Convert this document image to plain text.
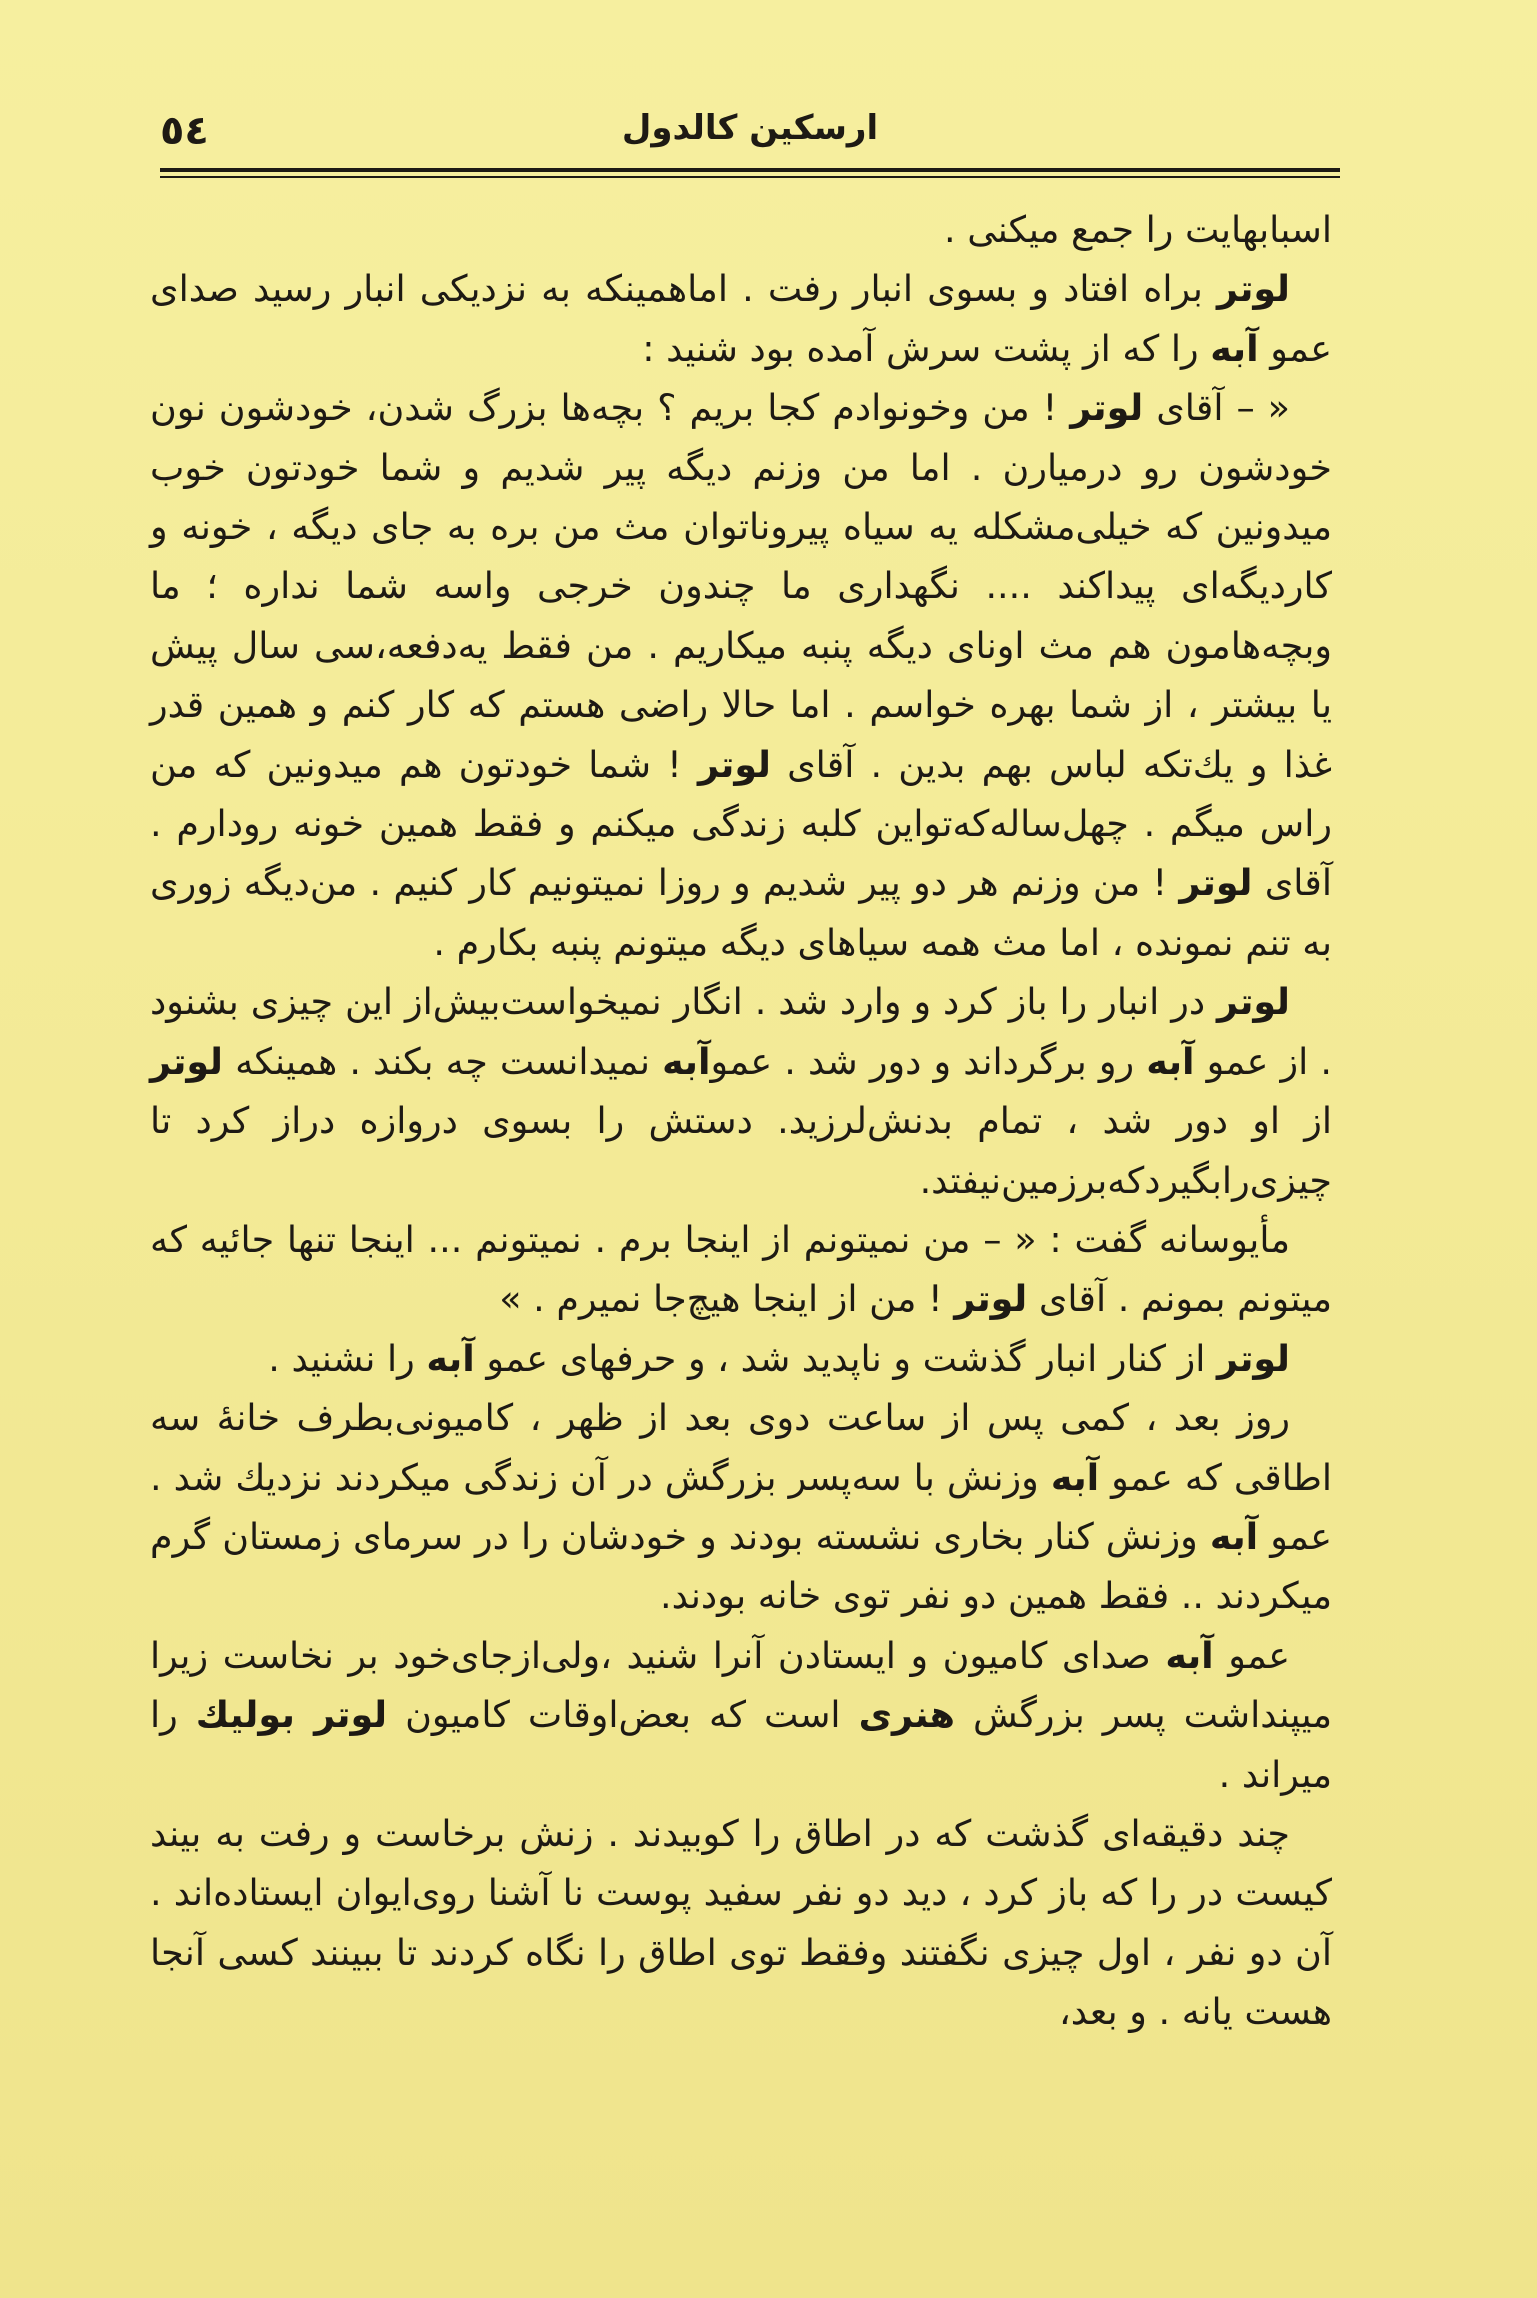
٥٤	ارسکین کالدول

اسبابهایت را جمع میکنی .

لوتر براه افتاد و بسوی انبار رفت . اماهمینکه به نزدیکی انبار رسید صدای عمو آبه را که از پشت سرش آمده بود شنید :

« – آقای لوتر ! من وخونوادم کجا بریم ؟ بچه‌ها بزرگ شدن، خودشون نون خودشون رو درمیارن . اما من وزنم دیگه پیر شدیم و شما خودتون خوب میدونین که خیلی‌مشکله یه سیاه پیروناتوان مث من بره به جای دیگه ، خونه و کاردیگه‌ای پیداکند .... نگهداری ما چندون خرجی واسه شما نداره ؛ ما وبچه‌هامون هم مث اونای دیگه پنبه میکاریم . من فقط یه‌دفعه،سی سال پیش یا بیشتر ، از شما بهره خواسم . اما حالا راضی هستم که کار کنم و همین قدر غذا و یك‌تکه لباس بهم بدین . آقای لوتر ! شما خودتون هم میدونین که من راس میگم . چهل‌ساله‌که‌تواین کلبه زندگی میکنم و فقط همین خونه رودارم . آقای لوتر ! من وزنم هر دو پیر شدیم و روزا نمیتونیم کار کنیم . من‌دیگه زوری به تنم نمونده ، اما مث همه سیاهای دیگه میتونم پنبه بکارم .

لوتر در انبار را باز کرد و وارد شد . انگار نمیخواست‌بیش‌از این چیزی بشنود . از عمو آبه رو برگرداند و دور شد . عموآبه نمیدانست چه بکند . همینکه لوتر از او دور شد ، تمام بدنش‌لرزید. دستش را بسوی دروازه دراز کرد تا چیزی‌رابگیردکه‌برزمین‌نیفتد.

مأیوسانه گفت : « – من نمیتونم از اینجا برم . نمیتونم ... اینجا تنها جائیه که میتونم بمونم . آقای لوتر ! من از اینجا هیچ‌جا نمیرم . »

لوتر از کنار انبار گذشت و ناپدید شد ، و حرفهای عمو آبه را نشنید .

روز بعد ، کمی پس از ساعت دوی بعد از ظهر ، کامیونی‌بطرف خانهٔ سه اطاقی که عمو آبه وزنش با سه‌پسر بزرگش در آن زندگی میکردند نزدیك شد . عمو آبه وزنش کنار بخاری نشسته بودند و خودشان را در سرمای زمستان گرم میکردند .. فقط همین دو نفر توی خانه بودند.

عمو آبه صدای کامیون و ایستادن آنرا شنید ،ولی‌ازجای‌خود بر نخاست زیرا میپنداشت پسر بزرگش هنری است که بعض‌اوقات کامیون لوتر بولیك را میراند .

چند دقیقه‌ای گذشت که در اطاق را کوبیدند . زنش برخاست و رفت به بیند کیست در را که باز کرد ، دید دو نفر سفید پوست نا آشنا روی‌ایوان ایستاده‌اند . آن دو نفر ، اول چیزی نگفتند وفقط توی اطاق را نگاه کردند تا ببینند کسی آنجا هست یانه . و بعد،
